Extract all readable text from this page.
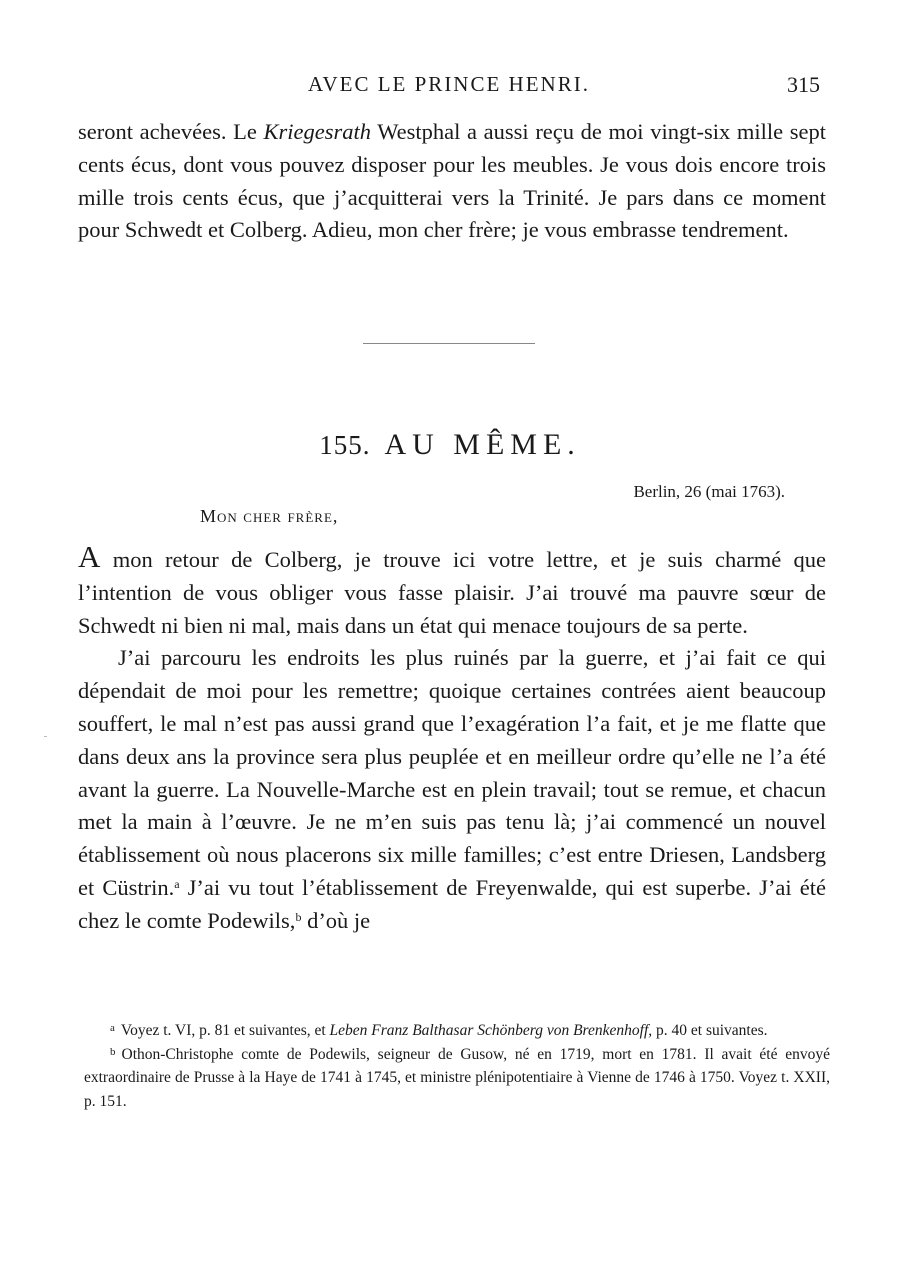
AVEC LE PRINCE HENRI.	315

seront achevées. Le Kriegesrath Westphal a aussi reçu de moi vingt-six mille sept cents écus, dont vous pouvez disposer pour les meubles. Je vous dois encore trois mille trois cents écus, que j’acquitterai vers la Trinité. Je pars dans ce moment pour Schwedt et Colberg. Adieu, mon cher frère; je vous embrasse tendrement.

155. AU MÊME.
Berlin, 26 (mai 1763).
Mon cher frère,

A mon retour de Colberg, je trouve ici votre lettre, et je suis charmé que l’intention de vous obliger vous fasse plaisir. J’ai trouvé ma pauvre sœur de Schwedt ni bien ni mal, mais dans un état qui menace toujours de sa perte.

J’ai parcouru les endroits les plus ruinés par la guerre, et j’ai fait ce qui dépendait de moi pour les remettre; quoique certaines contrées aient beaucoup souffert, le mal n’est pas aussi grand que l’exagération l’a fait, et je me flatte que dans deux ans la province sera plus peuplée et en meilleur ordre qu’elle ne l’a été avant la guerre. La Nouvelle-Marche est en plein travail; tout se remue, et chacun met la main à l’œuvre. Je ne m’en suis pas tenu là; j’ai commencé un nouvel établissement où nous placerons six mille familles; c’est entre Driesen, Landsberg et Cüstrin.$^a$ J’ai vu tout l’établissement de Freyenwalde, qui est superbe. J’ai été chez le comte Podewils,$^b$ d’où je

$^a$ Voyez t. VI, p. 81 et suivantes, et Leben Franz Balthasar Schönberg von Brenkenhoff, p. 40 et suivantes.

$^b$ Othon-Christophe comte de Podewils, seigneur de Gusow, né en 1719, mort en 1781. Il avait été envoyé extraordinaire de Prusse à la Haye de 1741 à 1745, et ministre plénipotentiaire à Vienne de 1746 à 1750. Voyez t. XXII, p. 151.
